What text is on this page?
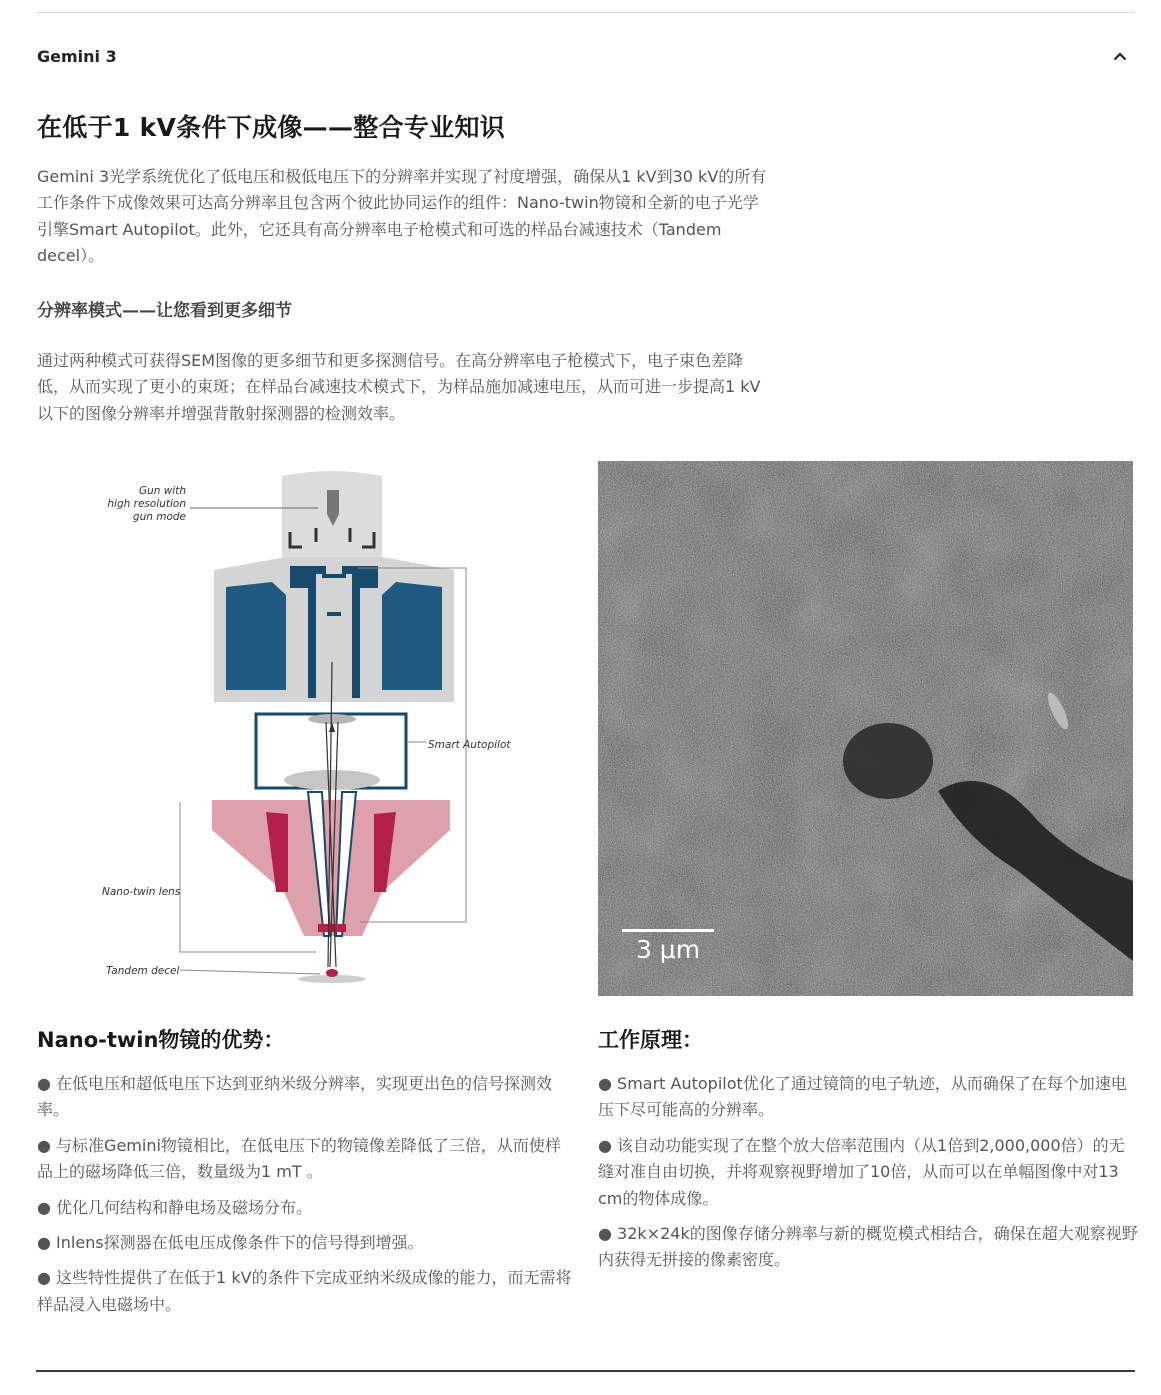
Gemini 3
在低于1 kV条件下成像——整合专业知识

Gemini 3光学系统优化了低电压和极低电压下的分辨率并实现了衬度增强，确保从1 kV到30 kV的所有工作条件下成像效果可达高分辨率且包含两个彼此协同运作的组件：Nano-twin物镜和全新的电子光学引擎Smart Autopilot。此外，它还具有高分辨率电子枪模式和可选的样品台减速技术（Tandem decel）。

分辨率模式——让您看到更多细节

通过两种模式可获得SEM图像的更多细节和更多探测信号。在高分辨率电子枪模式下，电子束色差降低，从而实现了更小的束斑；在样品台减速技术模式下，为样品施加减速电压，从而可进一步提高1 kV以下的图像分辨率并增强背散射探测器的检测效率。

Gun with
high resolution
gun mode
Smart Autopilot
Nano-twin lens
Tandem decel
3 μm
Nano-twin物镜的优势：
● 在低电压和超低电压下达到亚纳米级分辨率，实现更出色的信号探测效率。
● 与标准Gemini物镜相比，在低电压下的物镜像差降低了三倍，从而使样品上的磁场降低三倍，数量级为1 mT 。
● 优化几何结构和静电场及磁场分布。
● Inlens探测器在低电压成像条件下的信号得到增强。
● 这些特性提供了在低于1 kV的条件下完成亚纳米级成像的能力，而无需将样品浸入电磁场中。
工作原理：
● Smart Autopilot优化了通过镜筒的电子轨迹，从而确保了在每个加速电压下尽可能高的分辨率。
● 该自动功能实现了在整个放大倍率范围内（从1倍到2,000,000倍）的无缝对准自由切换，并将观察视野增加了10倍，从而可以在单幅图像中对13 cm的物体成像。
● 32k×24k的图像存储分辨率与新的概览模式相结合，确保在超大观察视野内获得无拼接的像素密度。
